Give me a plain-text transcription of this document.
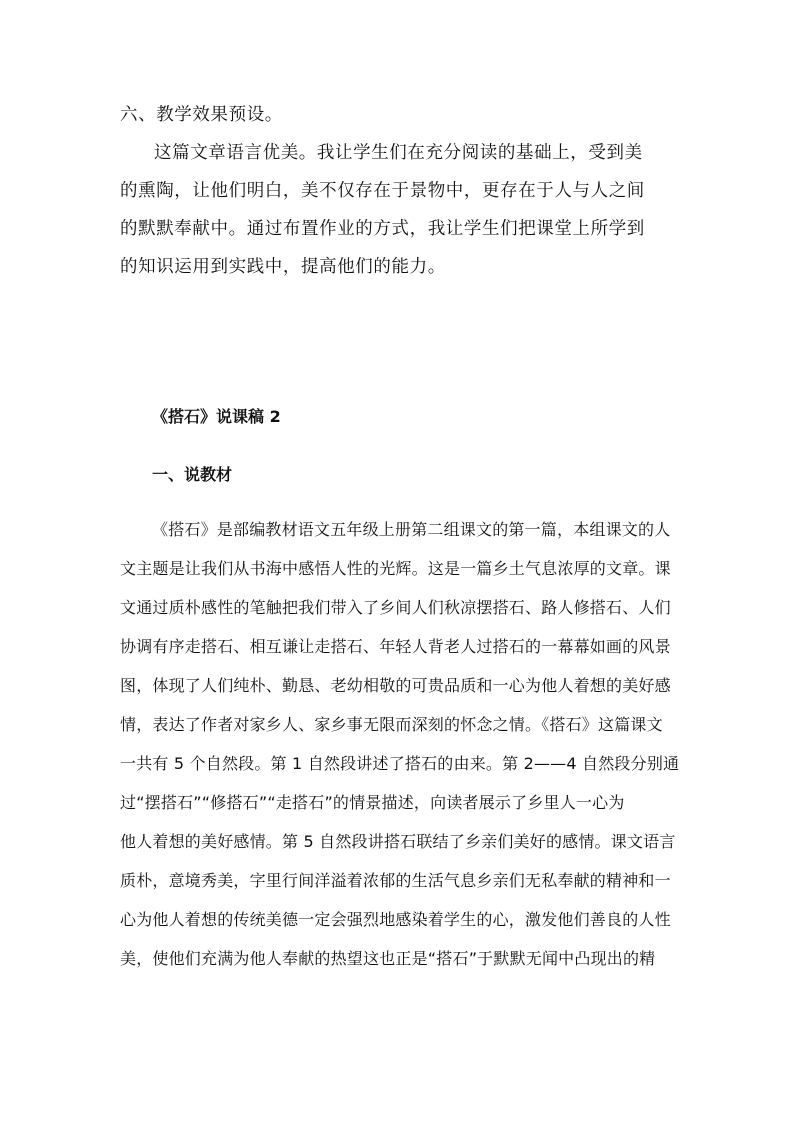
六、教学效果预设。
这篇文章语言优美。我让学生们在充分阅读的基础上，受到美
的熏陶，让他们明白，美不仅存在于景物中，更存在于人与人之间
的默默奉献中。通过布置作业的方式，我让学生们把课堂上所学到
的知识运用到实践中，提高他们的能力。
《搭石》说课稿 2
一、说教材
《搭石》是部编教材语文五年级上册第二组课文的第一篇，本组课文的人
文主题是让我们从书海中感悟人性的光辉。这是一篇乡土气息浓厚的文章。课
文通过质朴感性的笔触把我们带入了乡间人们秋凉摆搭石、路人修搭石、人们
协调有序走搭石、相互谦让走搭石、年轻人背老人过搭石的一幕幕如画的风景
图，体现了人们纯朴、勤恳、老幼相敬的可贵品质和一心为他人着想的美好感
情，表达了作者对家乡人、家乡事无限而深刻的怀念之情。《搭石》这篇课文
一共有 5 个自然段。第 1 自然段讲述了搭石的由来。第 2——4 自然段分别通
过“摆搭石”“修搭石”“走搭石”的情景描述，向读者展示了乡里人一心为
他人着想的美好感情。第 5 自然段讲搭石联结了乡亲们美好的感情。课文语言
质朴，意境秀美，字里行间洋溢着浓郁的生活气息乡亲们无私奉献的精神和一
心为他人着想的传统美德一定会强烈地感染着学生的心，激发他们善良的人性
美，使他们充满为他人奉献的热望这也正是“搭石”于默默无闻中凸现出的精
